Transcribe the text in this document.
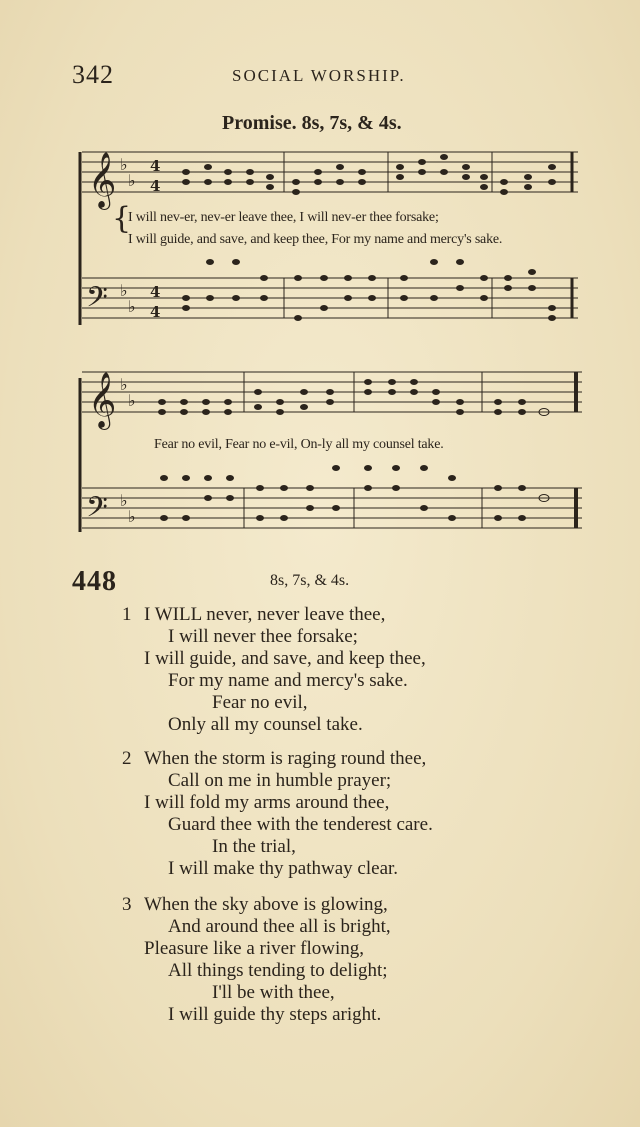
342	SOCIAL WORSHIP.
Promise. 8s, 7s, & 4s.
𝄞
𝄢
♭
♭
♭
♭
4
4
4
4
𝄞
𝄢
♭
♭
♭
♭
{
I will nev-er, nev-er leave thee, I will nev-er thee forsake;
I will guide, and save, and keep thee, For my name and mercy's sake.
Fear no evil, Fear no e-vil, On-ly all my counsel take.
448	8s, 7s, & 4s.
1 I WILL never, never leave thee,
I will never thee forsake;
I will guide, and save, and keep thee,
For my name and mercy's sake.
Fear no evil,
Only all my counsel take.
2 When the storm is raging round thee,
Call on me in humble prayer;
I will fold my arms around thee,
Guard thee with the tenderest care.
In the trial,
I will make thy pathway clear.
3 When the sky above is glowing,
And around thee all is bright,
Pleasure like a river flowing,
All things tending to delight;
I'll be with thee,
I will guide thy steps aright.
